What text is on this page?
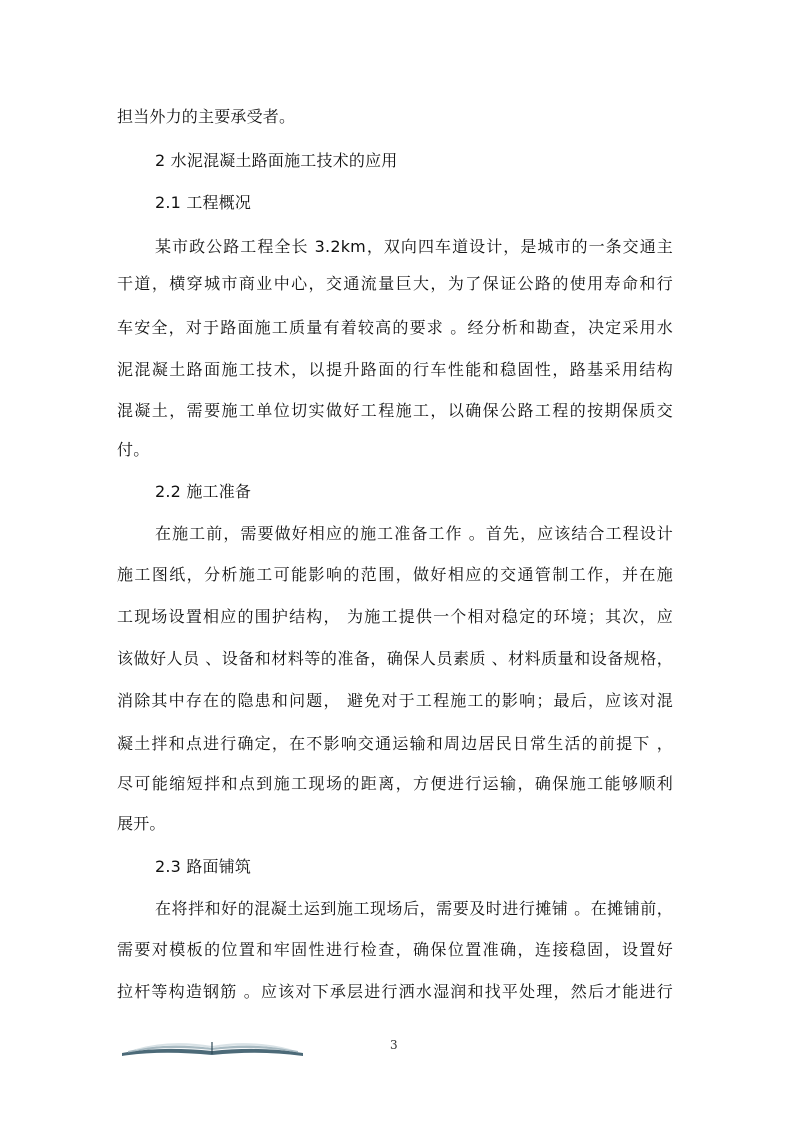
担当外力的主要承受者。
2 水泥混凝土路面施工技术的应用
2.1 工程概况
某市政公路工程全长 3.2km，双向四车道设计，是城市的一条交通主
干道，横穿城市商业中心，交通流量巨大，为了保证公路的使用寿命和行
车安全，对于路面施工质量有着较高的要求 。经分析和勘查，决定采用水
泥混凝土路面施工技术，以提升路面的行车性能和稳固性，路基采用结构
混凝土，需要施工单位切实做好工程施工，以确保公路工程的按期保质交
付。
2.2 施工准备
在施工前，需要做好相应的施工准备工作 。首先，应该结合工程设计
施工图纸，分析施工可能影响的范围，做好相应的交通管制工作，并在施
工现场设置相应的围护结构， 为施工提供一个相对稳定的环境；其次，应
该做好人员 、设备和材料等的准备，确保人员素质 、材料质量和设备规格，
消除其中存在的隐患和问题， 避免对于工程施工的影响；最后，应该对混
凝土拌和点进行确定，在不影响交通运输和周边居民日常生活的前提下 ，
尽可能缩短拌和点到施工现场的距离，方便进行运输，确保施工能够顺利
展开。
2.3 路面铺筑
在将拌和好的混凝土运到施工现场后，需要及时进行摊铺 。在摊铺前，
需要对模板的位置和牢固性进行检查，确保位置准确，连接稳固，设置好
拉杆等构造钢筋 。应该对下承层进行洒水湿润和找平处理，然后才能进行
3
